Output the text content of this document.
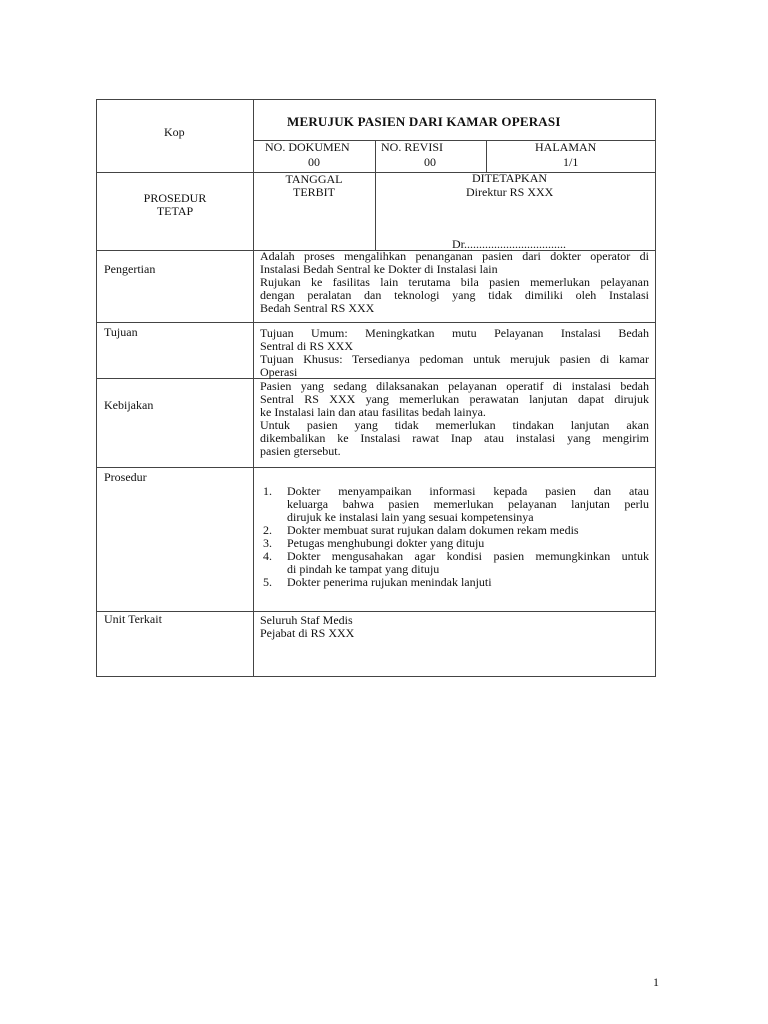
Kop
MERUJUK PASIEN DARI KAMAR OPERASI
NO. DOKUMEN
00
NO. REVISI
00
HALAMAN
1/1
PROSEDUR
TETAP
TANGGAL
TERBIT
DITETAPKAN
Direktur RS XXX
Dr..................................
Pengertian
Tujuan
Kebijakan
Prosedur
Unit Terkait
Adalah proses mengalihkan penanganan pasien dari dokter operator di
Instalasi Bedah Sentral ke Dokter di Instalasi lain
Rujukan ke fasilitas lain terutama bila pasien memerlukan pelayanan
dengan peralatan dan teknologi yang tidak dimiliki oleh Instalasi
Bedah Sentral RS XXX
Tujuan Umum: Meningkatkan mutu Pelayanan Instalasi Bedah
Sentral di RS XXX
Tujuan Khusus: Tersedianya pedoman untuk merujuk pasien di kamar
Operasi
Pasien yang sedang dilaksanakan pelayanan operatif di instalasi bedah
Sentral RS XXX yang memerlukan perawatan lanjutan dapat dirujuk
ke Instalasi lain dan atau fasilitas bedah lainya.
Untuk pasien yang tidak memerlukan tindakan lanjutan akan
dikembalikan ke Instalasi rawat Inap atau instalasi yang mengirim
pasien gtersebut.
1. Dokter menyampaikan informasi kepada pasien dan atau
keluarga bahwa pasien memerlukan pelayanan lanjutan perlu
dirujuk ke instalasi lain yang sesuai kompetensinya
2. Dokter membuat surat rujukan dalam dokumen rekam medis
3. Petugas menghubungi dokter yang dituju
4. Dokter mengusahakan agar kondisi pasien memungkinkan untuk
di pindah ke tampat yang dituju
5. Dokter penerima rujukan menindak lanjuti
Seluruh Staf Medis
Pejabat di RS XXX
1
